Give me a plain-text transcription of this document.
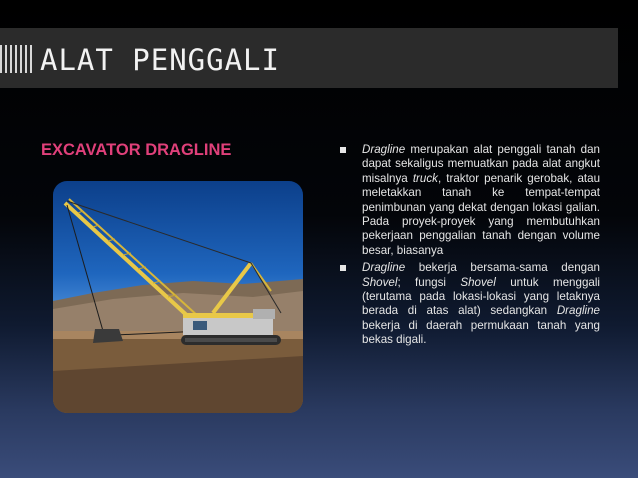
ALAT PENGGALI
EXCAVATOR DRAGLINE	Dragline merupakan alat penggali tanah dan dapat sekaligus memuatkan pada alat angkut misalnya truck, traktor penarik gerobak, atau meletakkan tanah ke tempat-tempat penimbunan yang dekat dengan lokasi galian. Pada proyek-proyek yang membutuhkan pekerjaan penggalian tanah dengan volume besar, biasanya
Dragline bekerja bersama-sama dengan Shovel; fungsi Shovel untuk menggali (terutama pada lokasi-lokasi yang letaknya berada di atas alat) sedangkan Dragline bekerja di daerah permukaan tanah yang bekas digali.
